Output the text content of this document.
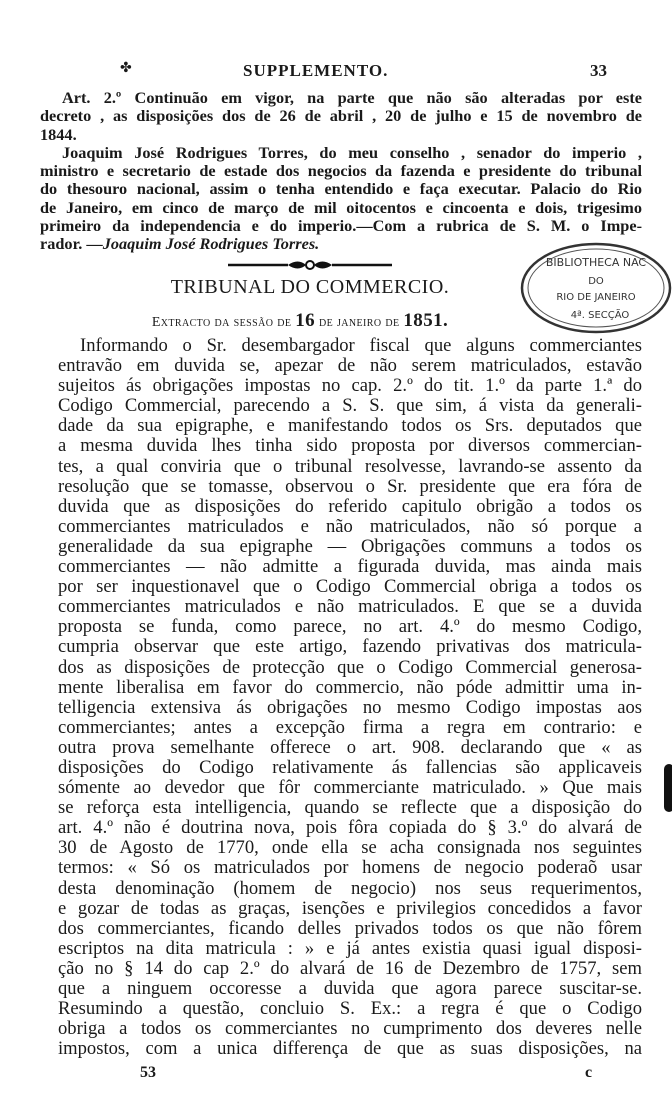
✤	SUPPLEMENTO.	33
Art. 2.º Continuão em vigor, na parte que não são alteradas por este
decreto , as disposições dos de 26 de abril , 20 de julho e 15 de novembro de
1844.
Joaquim José Rodrigues Torres, do meu conselho , senador do imperio ,
ministro e secretario de estade dos negocios da fazenda e presidente do tribunal
do thesouro nacional, assim o tenha entendido e faça executar. Palacio do Rio
de Janeiro, em cinco de março de mil oitocentos e cincoenta e dois, trigesimo
primeiro da independencia e do imperio.—Com a rubrica de S. M. o Impe-
rador. —Joaquim José Rodrigues Torres.
TRIBUNAL DO COMMERCIO.
Extracto da sessão de 16 de janeiro de 1851.
BIBLIOTHECA NAC
DO
RIO DE JANEIRO
4ª. SECÇÃO
Informando o Sr. desembargador fiscal que alguns commerciantes
entravão em duvida se, apezar de não serem matriculados, estavão
sujeitos ás obrigações impostas no cap. 2.º do tit. 1.º da parte 1.ª do
Codigo Commercial, parecendo a S. S. que sim, á vista da generali-
dade da sua epigraphe, e manifestando todos os Srs. deputados que
a mesma duvida lhes tinha sido proposta por diversos commercian-
tes, a qual conviria que o tribunal resolvesse, lavrando-se assento da
resolução que se tomasse, observou o Sr. presidente que era fóra de
duvida que as disposições do referido capitulo obrigão a todos os
commerciantes matriculados e não matriculados, não só porque a
generalidade da sua epigraphe — Obrigações communs a todos os
commerciantes — não admitte a figurada duvida, mas ainda mais
por ser inquestionavel que o Codigo Commercial obriga a todos os
commerciantes matriculados e não matriculados. E que se a duvida
proposta se funda, como parece, no art. 4.º do mesmo Codigo,
cumpria observar que este artigo, fazendo privativas dos matricula-
dos as disposições de protecção que o Codigo Commercial generosa-
mente liberalisa em favor do commercio, não póde admittir uma in-
telligencia extensiva ás obrigações no mesmo Codigo impostas aos
commerciantes; antes a excepção firma a regra em contrario: e
outra prova semelhante offerece o art. 908. declarando que « as
disposições do Codigo relativamente ás fallencias são applicaveis
sómente ao devedor que fôr commerciante matriculado. » Que mais
se reforça esta intelligencia, quando se reflecte que a disposição do
art. 4.º não é doutrina nova, pois fôra copiada do § 3.º do alvará de
30 de Agosto de 1770, onde ella se acha consignada nos seguintes
termos: « Só os matriculados por homens de negocio poderaõ usar
desta denominação (homem de negocio) nos seus requerimentos,
e gozar de todas as graças, isenções e privilegios concedidos a favor
dos commerciantes, ficando delles privados todos os que não fôrem
escriptos na dita matricula : » e já antes existia quasi igual disposi-
ção no § 14 do cap 2.º do alvará de 16 de Dezembro de 1757, sem
que a ninguem occoresse a duvida que agora parece suscitar-se.
Resumindo a questão, concluio S. Ex.: a regra é que o Codigo
obriga a todos os commerciantes no cumprimento dos deveres nelle
impostos, com a unica differença de que as suas disposições, na
53	c
